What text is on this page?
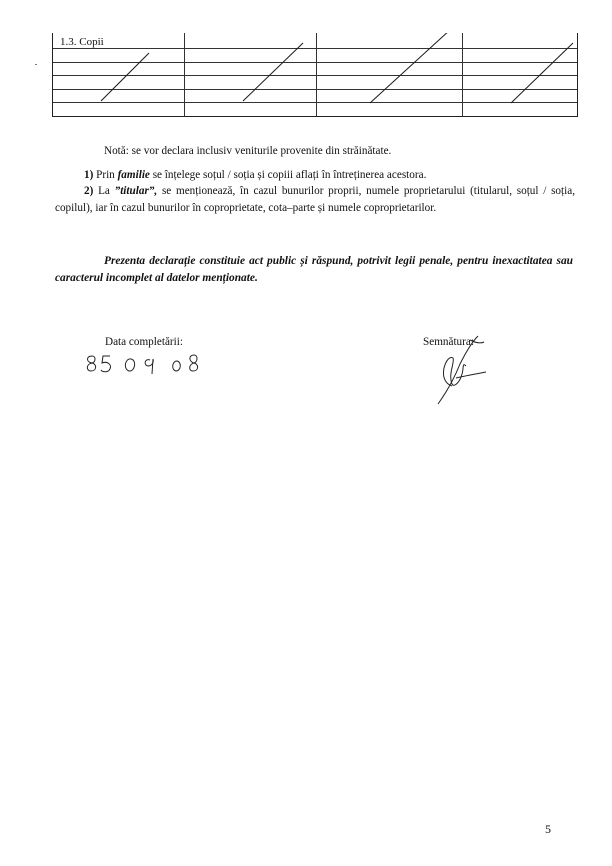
1.3. Copii
Notă: se vor declara inclusiv veniturile provenite din străinătate.
1) Prin familie se înțelege soțul / soția și copiii aflați în întreținerea acestora.
2) La ”titular”, se menționează, în cazul bunurilor proprii, numele proprietarului (titularul, soțul / soția, copilul), iar în cazul bunurilor în coproprietate, cota–parte și numele coproprietarilor.
Prezenta declarație constituie act public și răspund, potrivit legii penale, pentru inexactitatea sau caracterul incomplet al datelor menționate.
Data completării:	Semnătura:
5
